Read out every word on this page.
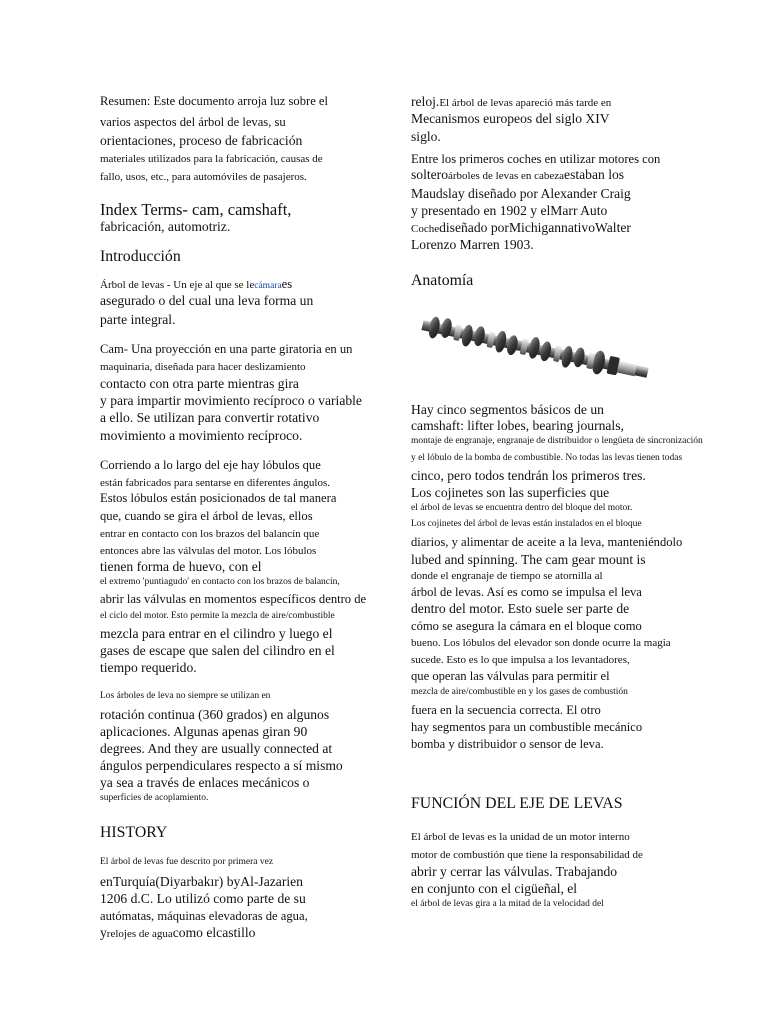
Resumen: Este documento arroja luz sobre el
varios aspectos del árbol de levas, su
orientaciones, proceso de fabricación
materiales utilizados para la fabricación, causas de
fallo, usos, etc., para automóviles de pasajeros.
Index Terms- cam, camshaft,
fabricación, automotriz.
Introducción
Árbol de levas - Un eje al que se lecámaraes
asegurado o del cual una leva forma un
parte integral.
Cam- Una proyección en una parte giratoria en un
maquinaria, diseñada para hacer deslizamiento
contacto con otra parte mientras gira
y para impartir movimiento recíproco o variable
a ello. Se utilizan para convertir rotativo
movimiento a movimiento recíproco.
Corriendo a lo largo del eje hay lóbulos que
están fabricados para sentarse en diferentes ángulos.
Estos lóbulos están posicionados de tal manera
que, cuando se gira el árbol de levas, ellos
entrar en contacto con los brazos del balancín que
entonces abre las válvulas del motor. Los lóbulos
tienen forma de huevo, con el
el extremo 'puntiagudo' en contacto con los brazos de balancín,
abrir las válvulas en momentos específicos dentro de
el ciclo del motor. Esto permite la mezcla de aire/combustible
mezcla para entrar en el cilindro y luego el
gases de escape que salen del cilindro en el
tiempo requerido.
Los árboles de leva no siempre se utilizan en
rotación continua (360 grados) en algunos
aplicaciones. Algunas apenas giran 90
degrees. And they are usually connected at
ángulos perpendiculares respecto a sí mismo
ya sea a través de enlaces mecánicos o
superficies de acoplamiento.
HISTORY
El árbol de levas fue descrito por primera vez
enTurquía(Diyarbakır) byAl-Jazarien
1206 d.C. Lo utilizó como parte de su
autómatas, máquinas elevadoras de agua,
yrelojes de aguacomo elcastillo
reloj.El árbol de levas apareció más tarde en
Mecanismos europeos del siglo XIV
siglo.
Entre los primeros coches en utilizar motores con
solteroárboles de levas en cabezaestaban los
Maudslay diseñado por Alexander Craig
y presentado en 1902 y elMarr Auto
Cochediseñado porMichigannativoWalter
Lorenzo Marren 1903.
Anatomía
Hay cinco segmentos básicos de un
camshaft: lifter lobes, bearing journals,
montaje de engranaje, engranaje de distribuidor o lengüeta de sincronización
y el lóbulo de la bomba de combustible. No todas las levas tienen todas
cinco, pero todos tendrán los primeros tres.
Los cojinetes son las superficies que
el árbol de levas se encuentra dentro del bloque del motor.
Los cojinetes del árbol de levas están instalados en el bloque
diarios, y alimentar de aceite a la leva, manteniéndolo
lubed and spinning. The cam gear mount is
donde el engranaje de tiempo se atornilla al
árbol de levas. Así es como se impulsa el leva
dentro del motor. Esto suele ser parte de
cómo se asegura la cámara en el bloque como
bueno. Los lóbulos del elevador son donde ocurre la magia
sucede. Esto es lo que impulsa a los levantadores,
que operan las válvulas para permitir el
mezcla de aire/combustible en y los gases de combustión
fuera en la secuencia correcta. El otro
hay segmentos para un combustible mecánico
bomba y distribuidor o sensor de leva.
FUNCIÓN DEL EJE DE LEVAS
El árbol de levas es la unidad de un motor interno
motor de combustión que tiene la responsabilidad de
abrir y cerrar las válvulas. Trabajando
en conjunto con el cigüeñal, el
el árbol de levas gira a la mitad de la velocidad del
